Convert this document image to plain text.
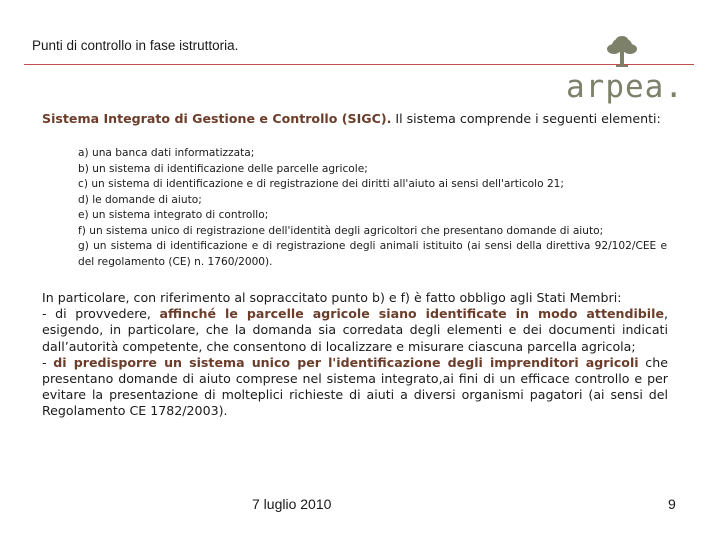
Punti di controllo in fase istruttoria.
arpea.
Sistema Integrato di Gestione e Controllo (SIGC). Il sistema comprende i seguenti elementi:
a) una banca dati informatizzata;
b) un sistema di identificazione delle parcelle agricole;
c) un sistema di identificazione e di registrazione dei diritti all'aiuto ai sensi dell'articolo 21;
d) le domande di aiuto;
e) un sistema integrato di controllo;
f) un sistema unico di registrazione dell'identità degli agricoltori che presentano domande di aiuto;
g) un sistema di identificazione e di registrazione degli animali istituito (ai sensi della direttiva 92/102/CEE e del regolamento (CE) n. 1760/2000).
In particolare, con riferimento al sopraccitato punto b) e f) è fatto obbligo agli Stati Membri:
- di provvedere, affinché le parcelle agricole siano identificate in modo attendibile, esigendo, in particolare, che la domanda sia corredata degli elementi e dei documenti indicati dall’autorità competente, che consentono di localizzare e misurare ciascuna parcella agricola;
- di predisporre un sistema unico per l'identificazione degli imprenditori agricoli che presentano domande di aiuto comprese nel sistema integrato,ai fini di un efficace controllo e per evitare la presentazione di molteplici richieste di aiuti a diversi organismi pagatori (ai sensi del Regolamento CE 1782/2003).
7 luglio 2010	9
